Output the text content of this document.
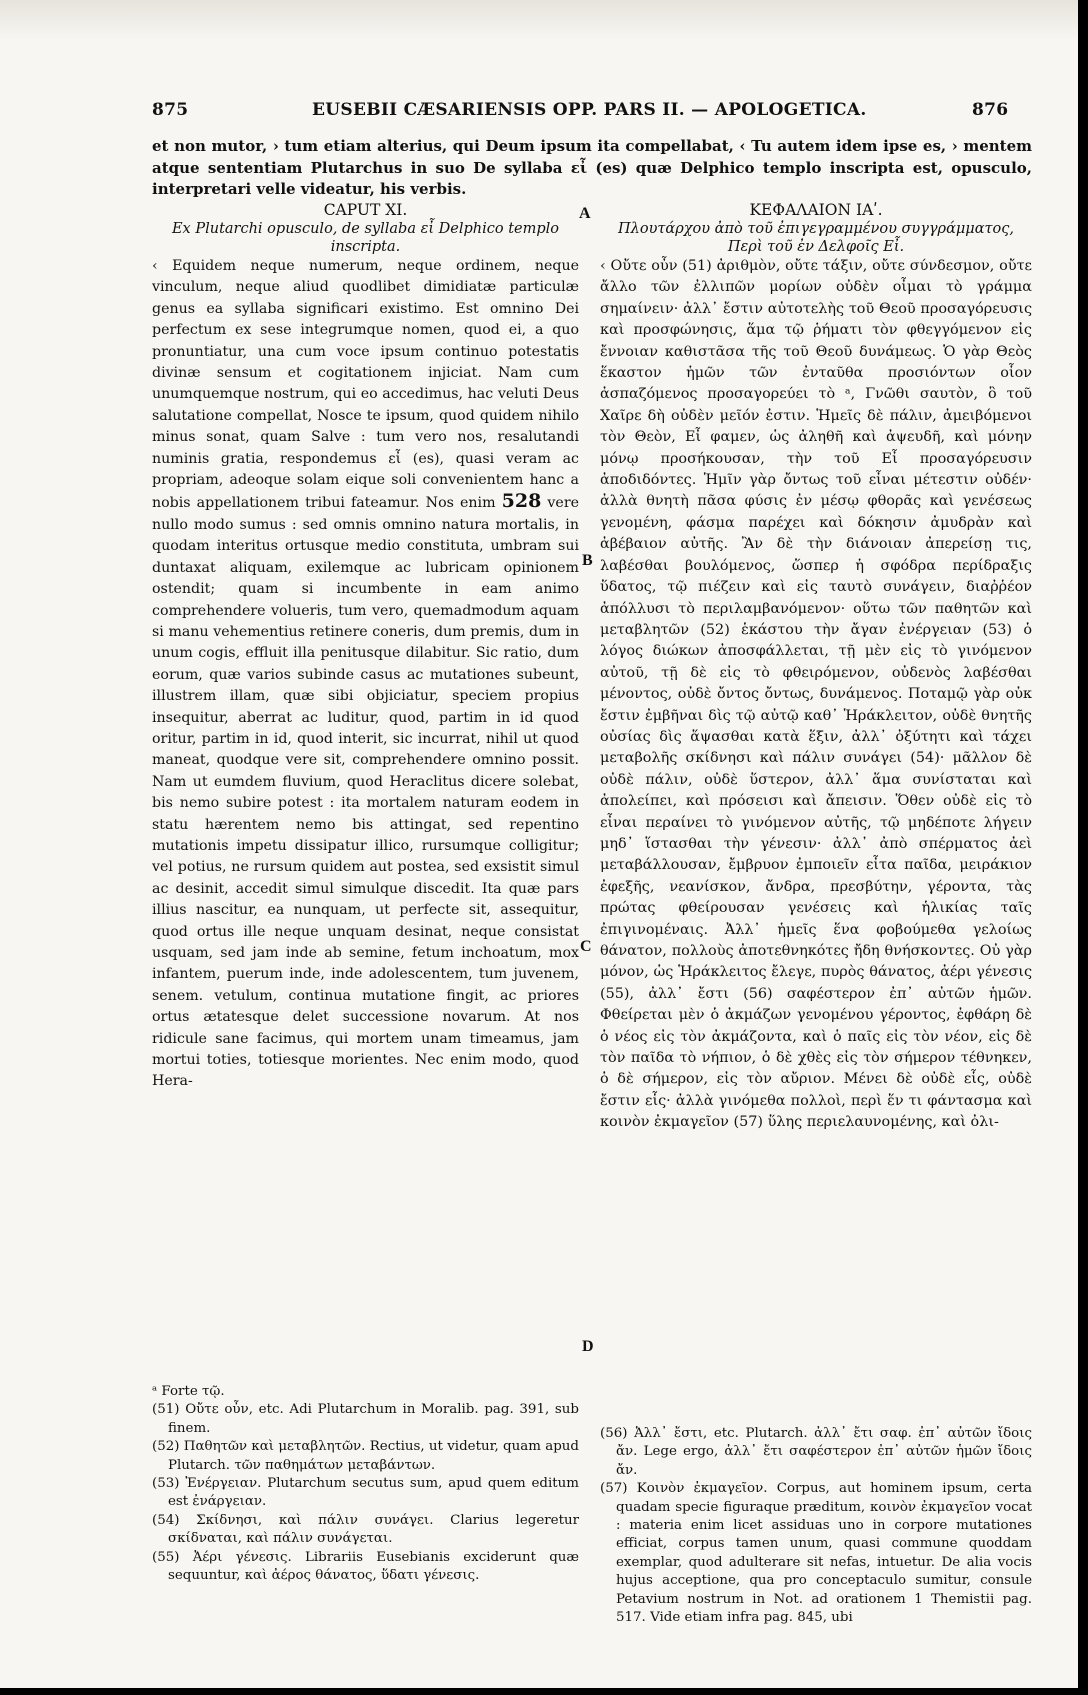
875	EUSEBII CÆSARIENSIS OPP. PARS II. — APOLOGETICA.	876

et non mutor, › tum etiam alterius, qui Deum ipsum ita compellabat, ‹ Tu autem idem ipse es, › mentem atque sententiam Plutarchus in suo De syllaba εἶ (es) quæ Delphico templo inscripta est, opusculo, interpretari velle videatur, his verbis.

CAPUT XI.

Ex Plutarchi opusculo, de syllaba εἶ Delphico templo inscripta.

‹ Equidem neque numerum, neque ordinem, neque vinculum, neque aliud quodlibet dimidiatæ particulæ genus ea syllaba significari existimo. Est omnino Dei perfectum ex sese integrumque nomen, quod ei, a quo pronuntiatur, una cum voce ipsum continuo potestatis divinæ sensum et cogitationem injiciat. Nam cum unumquemque nostrum, qui eo accedimus, hac veluti Deus salutatione compellat, Nosce te ipsum, quod quidem nihilo minus sonat, quam Salve : tum vero nos, resalutandi numinis gratia, respondemus εἶ (es), quasi veram ac propriam, adeoque solam eique soli convenientem hanc a nobis appellationem tribui fateamur. Nos enim 528 vere nullo modo sumus : sed omnis omnino natura mortalis, in quodam interitus ortusque medio constituta, umbram sui duntaxat aliquam, exilemque ac lubricam opinionem ostendit; quam si incumbente in eam animo comprehendere volueris, tum vero, quemadmodum aquam si manu vehementius retinere coneris, dum premis, dum in unum cogis, effluit illa penitusque dilabitur. Sic ratio, dum eorum, quæ varios subinde casus ac mutationes subeunt, illustrem illam, quæ sibi objiciatur, speciem propius insequitur, aberrat ac luditur, quod, partim in id quod oritur, partim in id, quod interit, sic incurrat, nihil ut quod maneat, quodque vere sit, comprehendere omnino possit. Nam ut eumdem fluvium, quod Heraclitus dicere solebat, bis nemo subire potest : ita mortalem naturam eodem in statu hærentem nemo bis attingat, sed repentino mutationis impetu dissipatur illico, rursumque colligitur; vel potius, ne rursum quidem aut postea, sed exsistit simul ac desinit, accedit simul simulque discedit. Ita quæ pars illius nascitur, ea nunquam, ut perfecte sit, assequitur, quod ortus ille neque unquam desinat, neque consistat usquam, sed jam inde ab semine, fetum inchoatum, mox infantem, puerum inde, inde adolescentem, tum juvenem, senem. vetulum, continua mutatione fingit, ac priores ortus ætatesque delet successione novarum. At nos ridicule sane facimus, qui mortem unam timeamus, jam mortui toties, totiesque morientes. Nec enim modo, quod Hera-

A
B
C
D

ΚΕΦΑΛΑΙΟΝ ΙΑʹ.

Πλουτάρχου ἀπὸ τοῦ ἐπιγεγραμμένου συγγράμματος, Περὶ τοῦ ἐν Δελφοῖς Εἶ.

‹ Οὔτε οὖν (51) ἀριθμὸν, οὔτε τάξιν, οὔτε σύνδεσμον, οὔτε ἄλλο τῶν ἐλλιπῶν μορίων οὐδὲν οἶμαι τὸ γράμμα σημαίνειν· ἀλλ᾽ ἔστιν αὐτοτελὴς τοῦ Θεοῦ προσαγόρευσις καὶ προσφώνησις, ἅμα τῷ ῥήματι τὸν φθεγγόμενον εἰς ἔννοιαν καθιστᾶσα τῆς τοῦ Θεοῦ δυνάμεως. Ὁ γὰρ Θεὸς ἕκαστον ἡμῶν τῶν ἐνταῦθα προσιόντων οἷον ἀσπαζόμενος προσαγορεύει τὸ ᵃ, Γνῶθι σαυτὸν, ὃ τοῦ Χαῖρε δὴ οὐδὲν μεῖόν ἐστιν. Ἡμεῖς δὲ πάλιν, ἀμειβόμενοι τὸν Θεὸν, Εἶ φαμεν, ὡς ἀληθῆ καὶ ἀψευδῆ, καὶ μόνην μόνῳ προσήκουσαν, τὴν τοῦ Εἶ προσαγόρευσιν ἀποδιδόντες. Ἡμῖν γὰρ ὄντως τοῦ εἶναι μέτεστιν οὐδέν· ἀλλὰ θνητὴ πᾶσα φύσις ἐν μέσῳ φθορᾶς καὶ γενέσεως γενομένη, φάσμα παρέχει καὶ δόκησιν ἀμυδρὰν καὶ ἀβέβαιον αὐτῆς. Ἂν δὲ τὴν διάνοιαν ἀπερείσῃ τις, λαβέσθαι βουλόμενος, ὥσπερ ἡ σφόδρα περίδραξις ὕδατος, τῷ πιέζειν καὶ εἰς ταυτὸ συνάγειν, διαῤῥέον ἀπόλλυσι τὸ περιλαμβανόμενον· οὕτω τῶν παθητῶν καὶ μεταβλητῶν (52) ἑκάστου τὴν ἄγαν ἐνέργειαν (53) ὁ λόγος διώκων ἀποσφάλλεται, τῇ μὲν εἰς τὸ γινόμενον αὐτοῦ, τῇ δὲ εἰς τὸ φθειρόμενον, οὐδενὸς λαβέσθαι μένοντος, οὐδὲ ὄντος ὄντως, δυνάμενος. Ποταμῷ γὰρ οὐκ ἔστιν ἐμβῆναι δὶς τῷ αὐτῷ καθ᾽ Ἡράκλειτον, οὐδὲ θνητῆς οὐσίας δὶς ἅψασθαι κατὰ ἕξιν, ἀλλ᾽ ὀξύτητι καὶ τάχει μεταβολῆς σκίδνησι καὶ πάλιν συνάγει (54)· μᾶλλον δὲ οὐδὲ πάλιν, οὐδὲ ὕστερον, ἀλλ᾽ ἅμα συνίσταται καὶ ἀπολείπει, καὶ πρόσεισι καὶ ἄπεισιν. Ὅθεν οὐδὲ εἰς τὸ εἶναι περαίνει τὸ γινόμενον αὐτῆς, τῷ μηδέποτε λήγειν μηδ᾽ ἵστασθαι τὴν γένεσιν· ἀλλ᾽ ἀπὸ σπέρματος ἀεὶ μεταβάλλουσαν, ἔμβρυον ἐμποιεῖν εἶτα παῖδα, μειράκιον ἐφεξῆς, νεανίσκον, ἄνδρα, πρεσβύτην, γέροντα, τὰς πρώτας φθείρουσαν γενέσεις καὶ ἡλικίας ταῖς ἐπιγινομέναις. Ἀλλ᾽ ἡμεῖς ἕνα φοβούμεθα γελοίως θάνατον, πολλοὺς ἀποτεθνηκότες ἤδη θνήσκοντες. Οὐ γὰρ μόνον, ὡς Ἡράκλειτος ἔλεγε, πυρὸς θάνατος, ἀέρι γένεσις (55), ἀλλ᾽ ἔστι (56) σαφέστερον ἐπ᾽ αὐτῶν ἡμῶν. Φθείρεται μὲν ὁ ἀκμάζων γενομένου γέροντος, ἐφθάρη δὲ ὁ νέος εἰς τὸν ἀκμάζοντα, καὶ ὁ παῖς εἰς τὸν νέον, εἰς δὲ τὸν παῖδα τὸ νήπιον, ὁ δὲ χθὲς εἰς τὸν σήμερον τέθνηκεν, ὁ δὲ σήμερον, εἰς τὸν αὔριον. Μένει δὲ οὐδὲ εἷς, οὐδὲ ἔστιν εἷς· ἀλλὰ γινόμεθα πολλοὶ, περὶ ἕν τι φάντασμα καὶ κοινὸν ἐκμαγεῖον (57) ὕλης περιελαυνομένης, καὶ ὀλι-

ᵃ Forte τῷ.

(51) Οὔτε οὖν, etc. Adi Plutarchum in Moralib. pag. 391, sub finem.

(52) Παθητῶν καὶ μεταβλητῶν. Rectius, ut videtur, quam apud Plutarch. τῶν παθημάτων μεταβάντων.

(53) Ἐνέργειαν. Plutarchum secutus sum, apud quem editum est ἐνάργειαν.

(54) Σκίδνησι, καὶ πάλιν συνάγει. Clarius legeretur σκίδναται, καὶ πάλιν συνάγεται.

(55) Ἀέρι γένεσις. Librariis Eusebianis exciderunt quæ sequuntur, καὶ ἀέρος θάνατος, ὕδατι γένεσις.

(56) Ἀλλ᾽ ἔστι, etc. Plutarch. ἀλλ᾽ ἔτι σαφ. ἐπ᾽ αὐτῶν ἴδοις ἄν. Lege ergo, ἀλλ᾽ ἔτι σαφέστερον ἐπ᾽ αὐτῶν ἡμῶν ἴδοις ἄν.

(57) Κοινὸν ἐκμαγεῖον. Corpus, aut hominem ipsum, certa quadam specie figuraque præditum, κοινὸν ἐκμαγεῖον vocat : materia enim licet assiduas uno in corpore mutationes efficiat, corpus tamen unum, quasi commune quoddam exemplar, quod adulterare sit nefas, intuetur. De alia vocis hujus acceptione, qua pro conceptaculo sumitur, consule Petavium nostrum in Not. ad orationem 1 Themistii pag. 517. Vide etiam infra pag. 845, ubi
